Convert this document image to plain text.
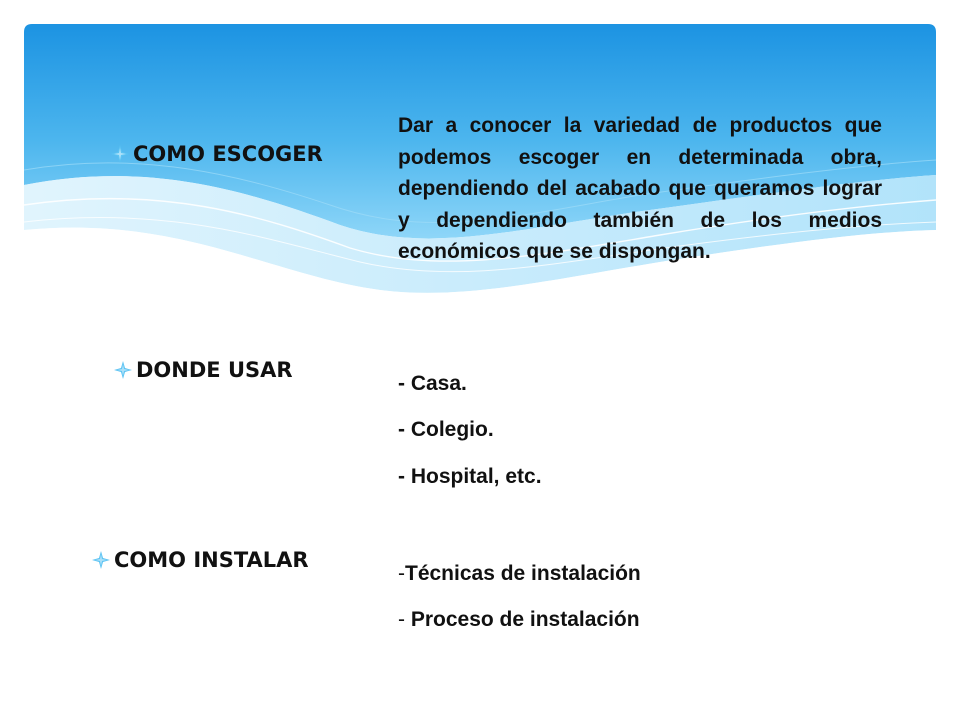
COMO ESCOGER

Dar a conocer la variedad de productos que podemos escoger en determinada obra, dependiendo del acabado que queramos lograr y dependiendo también de los medios económicos que se dispongan.

DONDE USAR

- Casa.

- Colegio.

- Hospital, etc.

COMO INSTALAR

-Técnicas de instalación

- Proceso de instalación
